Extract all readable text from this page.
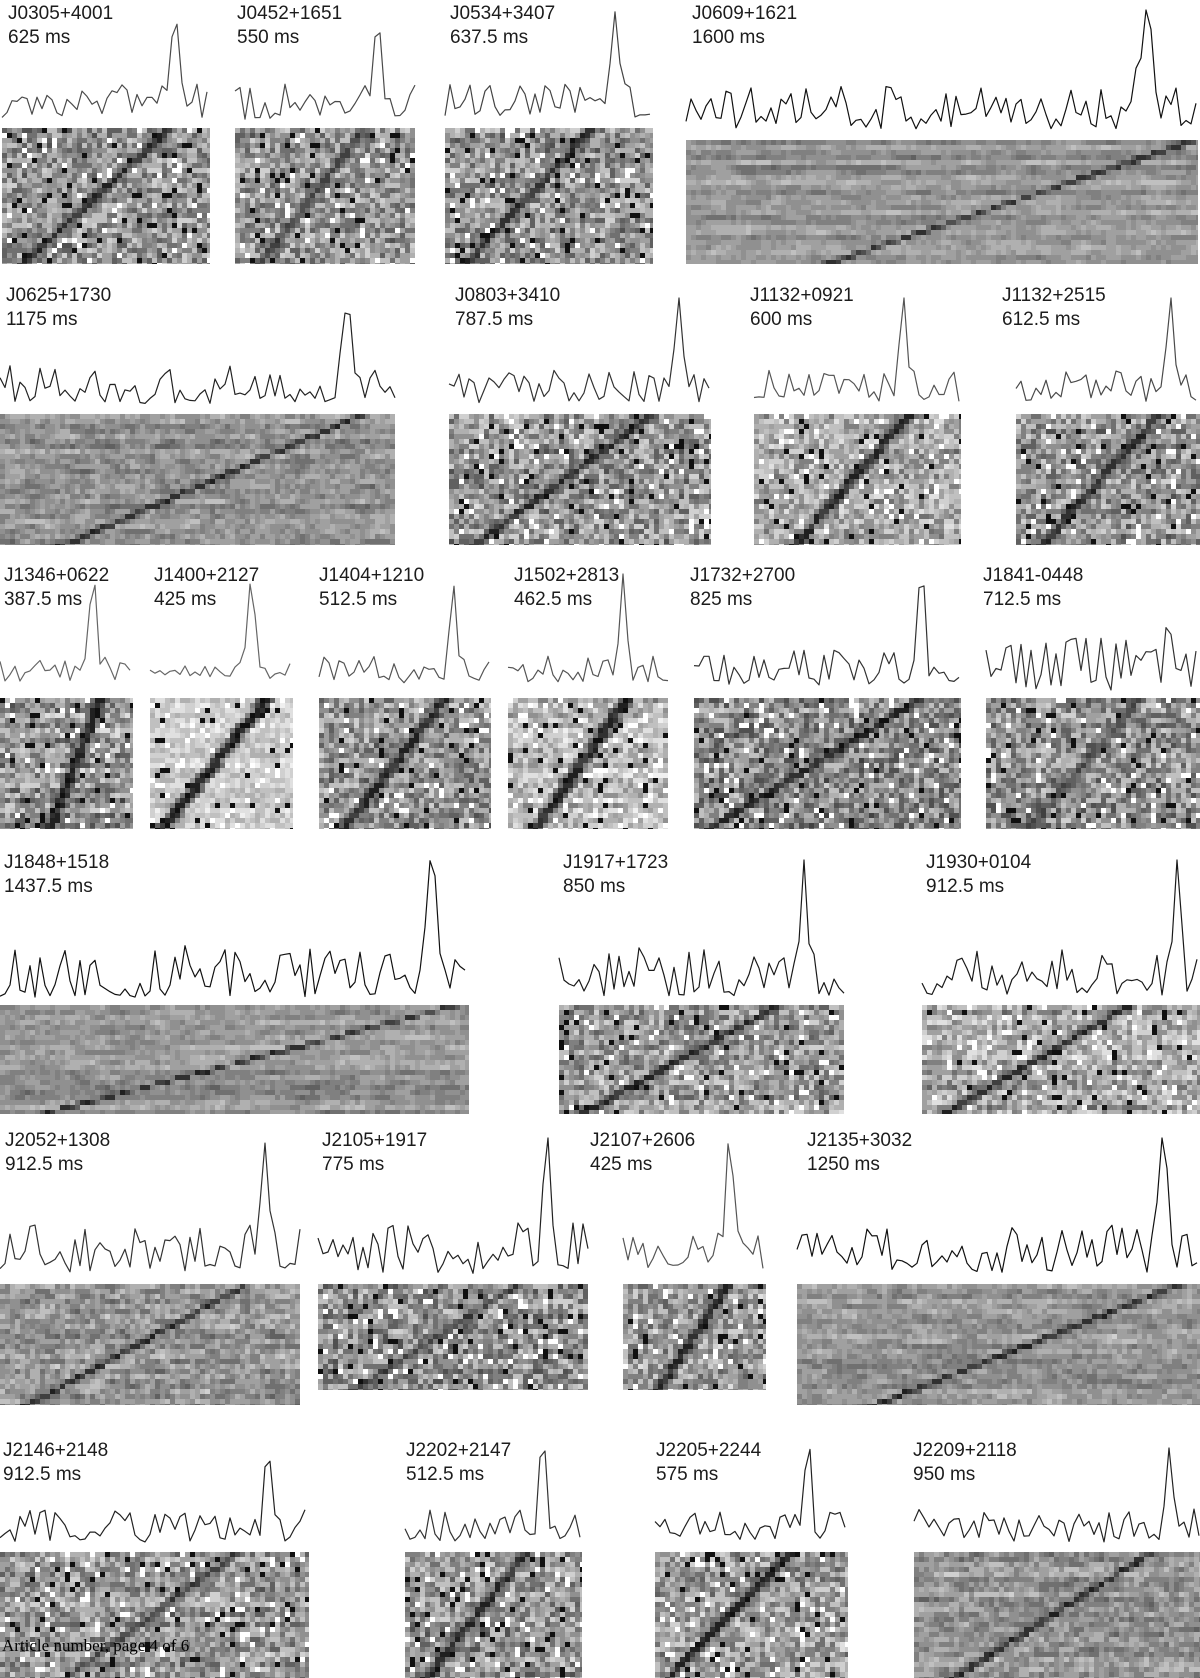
J0305+4001
625 ms
J0452+1651
550 ms
J0534+3407
637.5 ms
J0609+1621
1600 ms
J0625+1730
1175 ms
J0803+3410
787.5 ms
J1132+0921
600 ms
J1132+2515
612.5 ms
J1346+0622
387.5 ms
J1400+2127
425 ms
J1404+1210
512.5 ms
J1502+2813
462.5 ms
J1732+2700
825 ms
J1841-0448
712.5 ms
J1848+1518
1437.5 ms
J1917+1723
850 ms
J1930+0104
912.5 ms
J2052+1308
912.5 ms
J2105+1917
775 ms
J2107+2606
425 ms
J2135+3032
1250 ms
J2146+2148
912.5 ms
J2202+2147
512.5 ms
J2205+2244
575 ms
J2209+2118
950 ms
Article number, page 4 of 6
